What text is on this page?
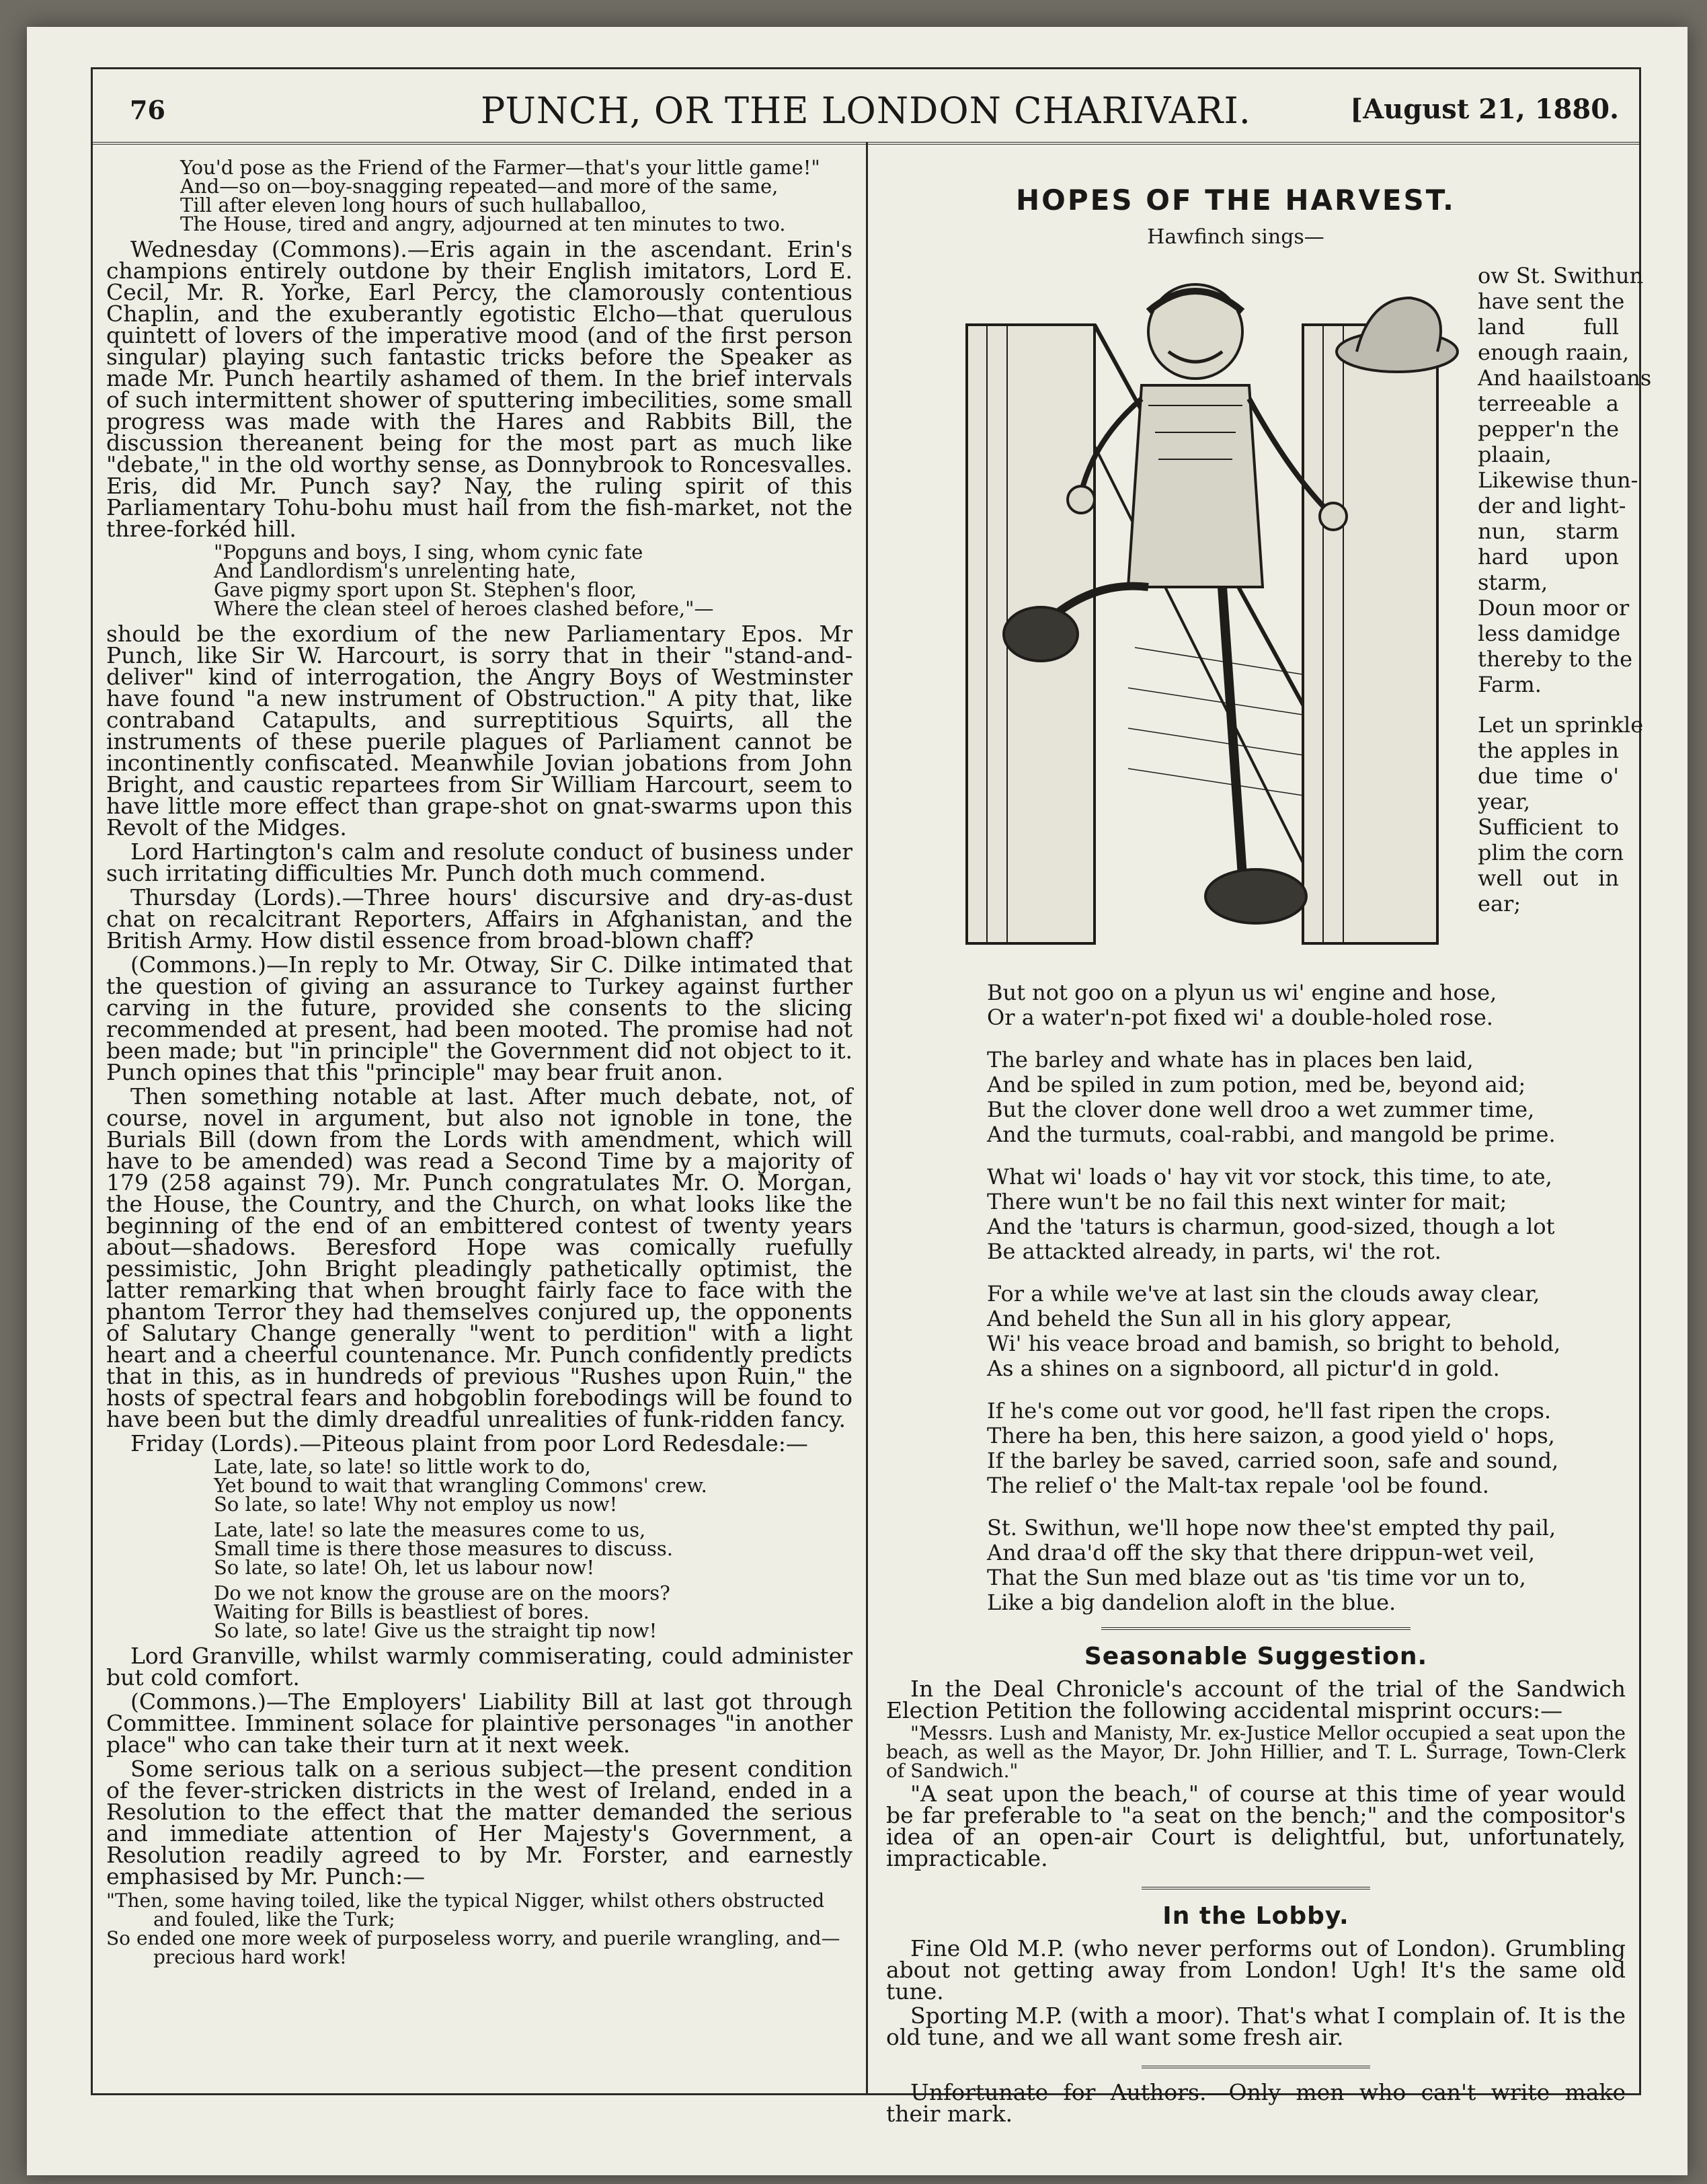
76	PUNCH, OR THE LONDON CHARIVARI.	[August 21, 1880.
You'd pose as the Friend of the Farmer—that's your little game!"
And—so on—boy-snagging repeated—and more of the same,
Till after eleven long hours of such hullaballoo,
The House, tired and angry, adjourned at ten minutes to two.

Wednesday (Commons).—Eris again in the ascendant. Erin's champions entirely outdone by their English imitators, Lord E. Cecil, Mr. R. Yorke, Earl Percy, the clamorously contentious Chaplin, and the exuberantly egotistic Elcho—that querulous quintett of lovers of the imperative mood (and of the first person singular) playing such fantastic tricks before the Speaker as made Mr. Punch heartily ashamed of them. In the brief intervals of such intermittent shower of sputtering imbecilities, some small progress was made with the Hares and Rabbits Bill, the discussion thereanent being for the most part as much like "debate," in the old worthy sense, as Donnybrook to Roncesvalles. Eris, did Mr. Punch say? Nay, the ruling spirit of this Parliamentary Tohu-bohu must hail from the fish-market, not the three-forkéd hill.

"Popguns and boys, I sing, whom cynic fate
And Landlordism's unrelenting hate,
Gave pigmy sport upon St. Stephen's floor,
Where the clean steel of heroes clashed before,"—

should be the exordium of the new Parliamentary Epos. Mr Punch, like Sir W. Harcourt, is sorry that in their "stand-and-deliver" kind of interrogation, the Angry Boys of Westminster have found "a new instrument of Obstruction." A pity that, like contraband Catapults, and surreptitious Squirts, all the instruments of these puerile plagues of Parliament cannot be incontinently confiscated. Meanwhile Jovian jobations from John Bright, and caustic repartees from Sir William Harcourt, seem to have little more effect than grape-shot on gnat-swarms upon this Revolt of the Midges.

Lord Hartington's calm and resolute conduct of business under such irritating difficulties Mr. Punch doth much commend.

Thursday (Lords).—Three hours' discursive and dry-as-dust chat on recalcitrant Reporters, Affairs in Afghanistan, and the British Army. How distil essence from broad-blown chaff?

(Commons.)—In reply to Mr. Otway, Sir C. Dilke intimated that the question of giving an assurance to Turkey against further carving in the future, provided she consents to the slicing recommended at present, had been mooted. The promise had not been made; but "in principle" the Government did not object to it. Punch opines that this "principle" may bear fruit anon.

Then something notable at last. After much debate, not, of course, novel in argument, but also not ignoble in tone, the Burials Bill (down from the Lords with amendment, which will have to be amended) was read a Second Time by a majority of 179 (258 against 79). Mr. Punch congratulates Mr. O. Morgan, the House, the Country, and the Church, on what looks like the beginning of the end of an embittered contest of twenty years about—shadows. Beresford Hope was comically ruefully pessimistic, John Bright pleadingly pathetically optimist, the latter remarking that when brought fairly face to face with the phantom Terror they had themselves conjured up, the opponents of Salutary Change generally "went to perdition" with a light heart and a cheerful countenance. Mr. Punch confidently predicts that in this, as in hundreds of previous "Rushes upon Ruin," the hosts of spectral fears and hobgoblin forebodings will be found to have been but the dimly dreadful unrealities of funk-ridden fancy.

Friday (Lords).—Piteous plaint from poor Lord Redesdale:—

Late, late, so late! so little work to do,
Yet bound to wait that wrangling Commons' crew.
So late, so late! Why not employ us now!
Late, late! so late the measures come to us,
Small time is there those measures to discuss.
So late, so late! Oh, let us labour now!
Do we not know the grouse are on the moors?
Waiting for Bills is beastliest of bores.
So late, so late! Give us the straight tip now!

Lord Granville, whilst warmly commiserating, could administer but cold comfort.

(Commons.)—The Employers' Liability Bill at last got through Committee. Imminent solace for plaintive personages "in another place" who can take their turn at it next week.

Some serious talk on a serious subject—the present condition of the fever-stricken districts in the west of Ireland, ended in a Resolution to the effect that the matter demanded the serious and immediate attention of Her Majesty's Government, a Resolution readily agreed to by Mr. Forster, and earnestly emphasised by Mr. Punch:—

"Then, some having toiled, like the typical Nigger, whilst others obstructed
and fouled, like the Turk;
So ended one more week of purposeless worry, and puerile wrangling, and—
precious hard work!
HOPES OF THE HARVEST.
Hawfinch sings—
ow St. Swithun
have sent the
land full
enough raain,
And haailstoans
terreeable a
pepper'n the
plaain,
Likewise thun-
der and light-
nun, starm
hard upon
starm,
Doun moor or
less damidge
thereby to the
Farm.
Let un sprinkle
the apples in
due time o'
year,
Sufficient to
plim the corn
well out in
ear;
But not goo on a plyun us wi' engine and hose,
Or a water'n-pot fixed wi' a double-holed rose.
The barley and whate has in places ben laid,
And be spiled in zum potion, med be, beyond aid;
But the clover done well droo a wet zummer time,
And the turmuts, coal-rabbi, and mangold be prime.
What wi' loads o' hay vit vor stock, this time, to ate,
There wun't be no fail this next winter for mait;
And the 'taturs is charmun, good-sized, though a lot
Be attackted already, in parts, wi' the rot.
For a while we've at last sin the clouds away clear,
And beheld the Sun all in his glory appear,
Wi' his veace broad and bamish, so bright to behold,
As a shines on a signboord, all pictur'd in gold.
If he's come out vor good, he'll fast ripen the crops.
There ha ben, this here saizon, a good yield o' hops,
If the barley be saved, carried soon, safe and sound,
The relief o' the Malt-tax repale 'ool be found.
St. Swithun, we'll hope now thee'st empted thy pail,
And draa'd off the sky that there drippun-wet veil,
That the Sun med blaze out as 'tis time vor un to,
Like a big dandelion aloft in the blue.
Seasonable Suggestion.

In the Deal Chronicle's account of the trial of the Sandwich Election Petition the following accidental misprint occurs:—

"Messrs. Lush and Manisty, Mr. ex-Justice Mellor occupied a seat upon the beach, as well as the Mayor, Dr. John Hillier, and T. L. Surrage, Town-Clerk of Sandwich."

"A seat upon the beach," of course at this time of year would be far preferable to "a seat on the bench;" and the compositor's idea of an open-air Court is delightful, but, unfortunately, impracticable.

In the Lobby.

Fine Old M.P. (who never performs out of London). Grumbling about not getting away from London! Ugh! It's the same old tune.

Sporting M.P. (with a moor). That's what I complain of. It is the old tune, and we all want some fresh air.

Unfortunate for Authors.—Only men who can't write make their mark.
